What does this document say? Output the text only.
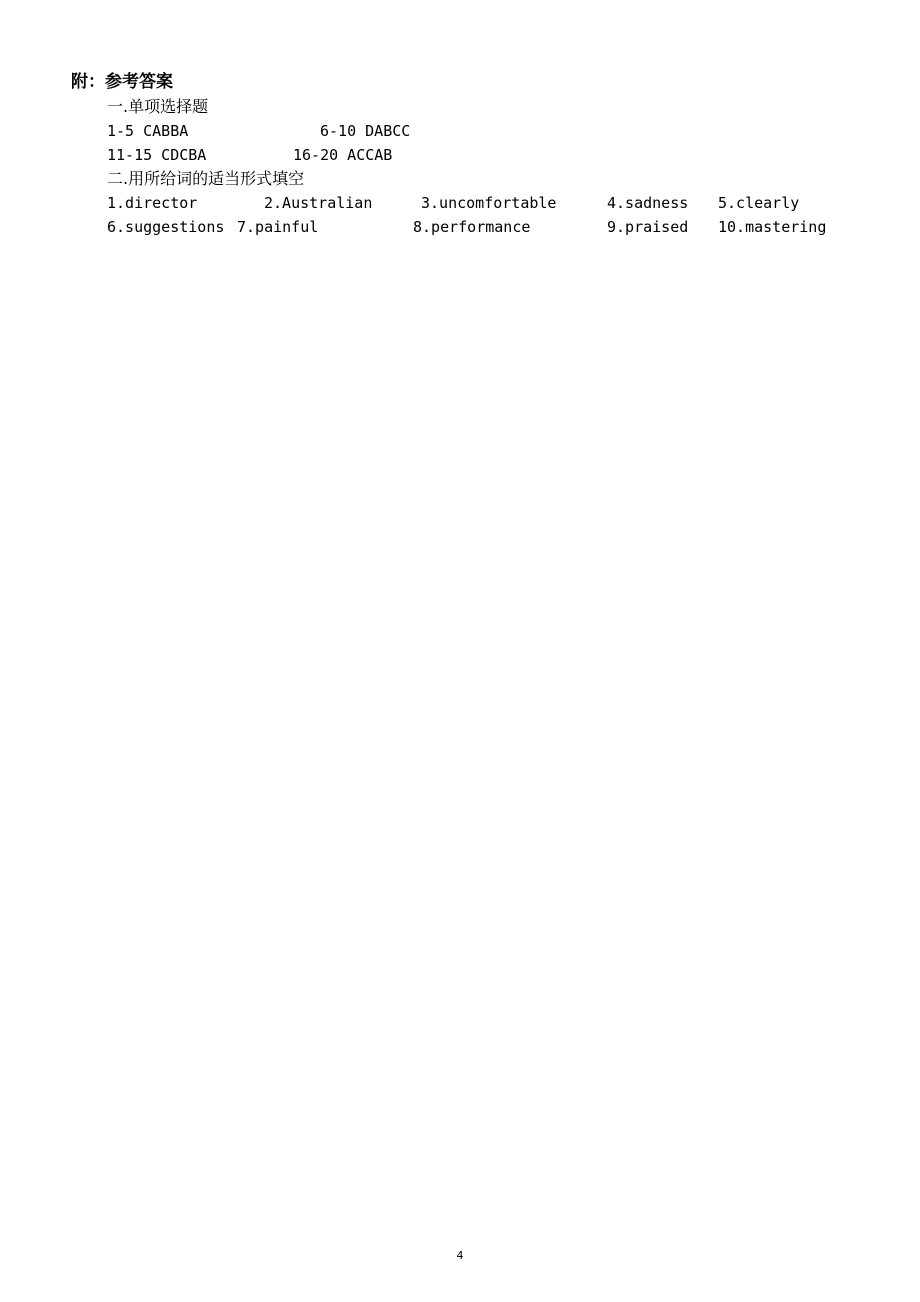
附：参考答案
一.单项选择题
1-5 CABBA	6-10 DABCC
11-15 CDCBA	16-20 ACCAB
二.用所给词的适当形式填空
1.director	2.Australian	3.uncomfortable	4.sadness 5.clearly
6.suggestions 7.painful	8.performance	9.praised 10.mastering
4
